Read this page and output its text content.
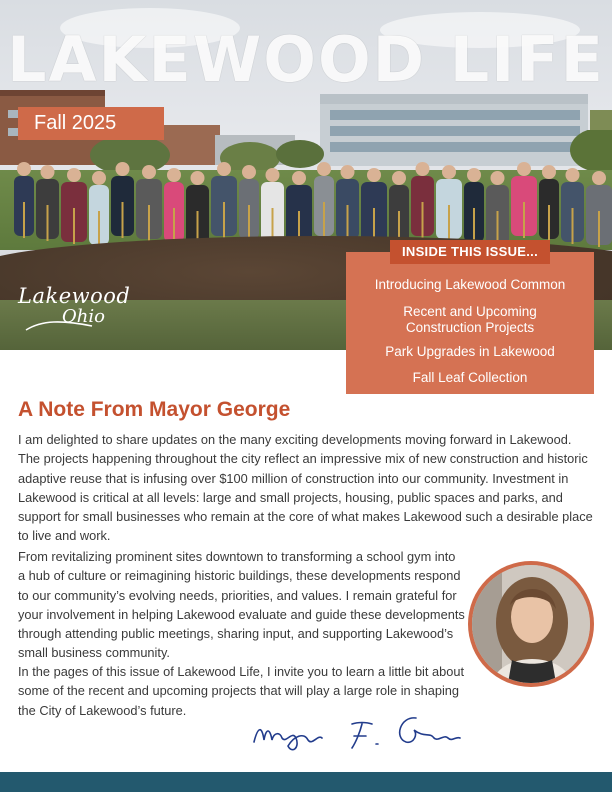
LAKEWOOD LIFE
Fall 2025
Lakewood
Ohio
INSIDE THIS ISSUE...
Introducing Lakewood Common
Recent and Upcoming
Construction Projects
Park Upgrades in Lakewood
Fall Leaf Collection
A Note From Mayor George

I am delighted to share updates on the many exciting developments moving forward in Lakewood. The projects happening throughout the city reflect an impressive mix of new construction and historic adaptive reuse that is infusing over $100 million of construction into our community. Investment in Lakewood is critical at all levels: large and small projects, housing, public spaces and parks, and support for small businesses who remain at the core of what makes Lakewood such a desirable place to live and work.

From revitalizing prominent sites downtown to transforming a school gym into a hub of culture or reimagining historic buildings, these developments respond to our community’s evolving needs, priorities, and values. I remain grateful for your involvement in helping Lakewood evaluate and guide these developments through attending public meetings, sharing input, and supporting Lakewood’s small business community.

In the pages of this issue of Lakewood Life, I invite you to learn a little bit about some of the recent and upcoming projects that will play a large role in shaping the City of Lakewood’s future.
